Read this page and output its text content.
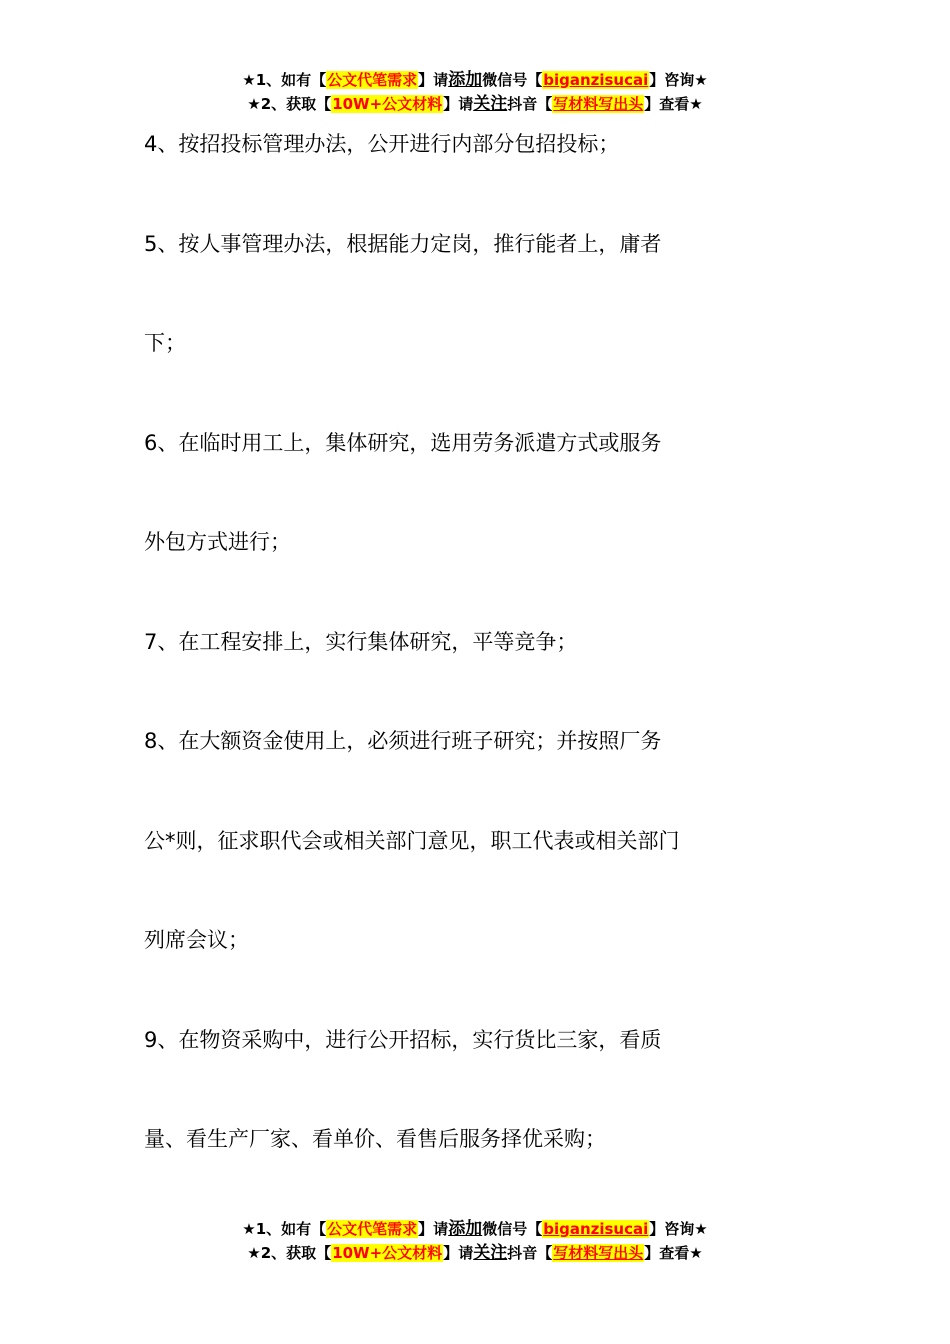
★1、如有【公文代笔需求】请添加微信号【biganzisucai】咨询★
★2、获取【10W+公文材料】请关注抖音【写材料写出头】查看★
4、按招投标管理办法，公开进行内部分包招投标；
5、按人事管理办法，根据能力定岗，推行能者上，庸者
下；
6、在临时用工上，集体研究，选用劳务派遣方式或服务
外包方式进行；
7、在工程安排上，实行集体研究，平等竞争；
8、在大额资金使用上，必须进行班子研究；并按照厂务
公*则，征求职代会或相关部门意见，职工代表或相关部门
列席会议；
9、在物资采购中，进行公开招标，实行货比三家，看质
量、看生产厂家、看单价、看售后服务择优采购；
★1、如有【公文代笔需求】请添加微信号【biganzisucai】咨询★
★2、获取【10W+公文材料】请关注抖音【写材料写出头】查看★
